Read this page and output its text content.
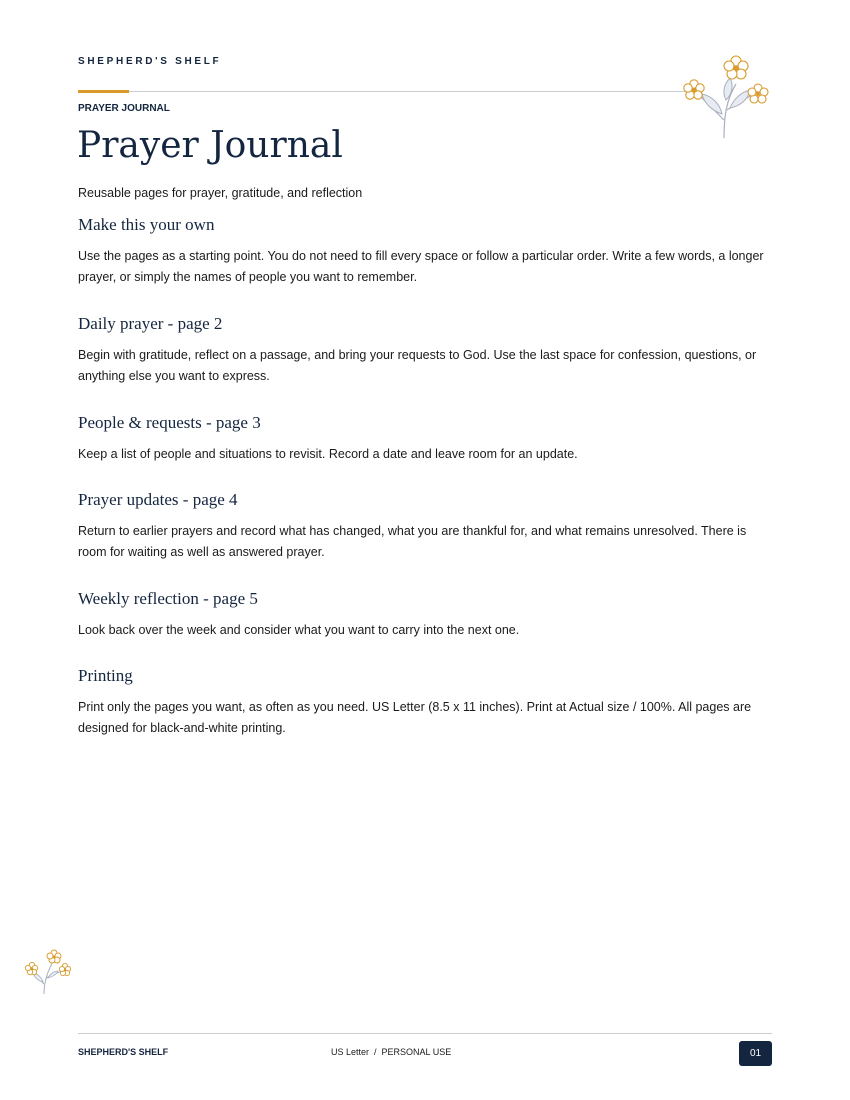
SHEPHERD'S SHELF
PRAYER JOURNAL
Prayer Journal
Reusable pages for prayer, gratitude, and reflection
Make this your own

Use the pages as a starting point. You do not need to fill every space or follow a particular order. Write a few words, a longer prayer, or simply the names of people you want to remember.

Daily prayer - page 2

Begin with gratitude, reflect on a passage, and bring your requests to God. Use the last space for confession, questions, or anything else you want to express.

People & requests - page 3

Keep a list of people and situations to revisit. Record a date and leave room for an update.

Prayer updates - page 4

Return to earlier prayers and record what has changed, what you are thankful for, and what remains unresolved. There is room for waiting as well as answered prayer.

Weekly reflection - page 5

Look back over the week and consider what you want to carry into the next one.

Printing

Print only the pages you want, as often as you need. US Letter (8.5 x 11 inches). Print at Actual size / 100%. All pages are designed for black-and-white printing.

SHEPHERD'S SHELF	US Letter  /  PERSONAL USE	01
